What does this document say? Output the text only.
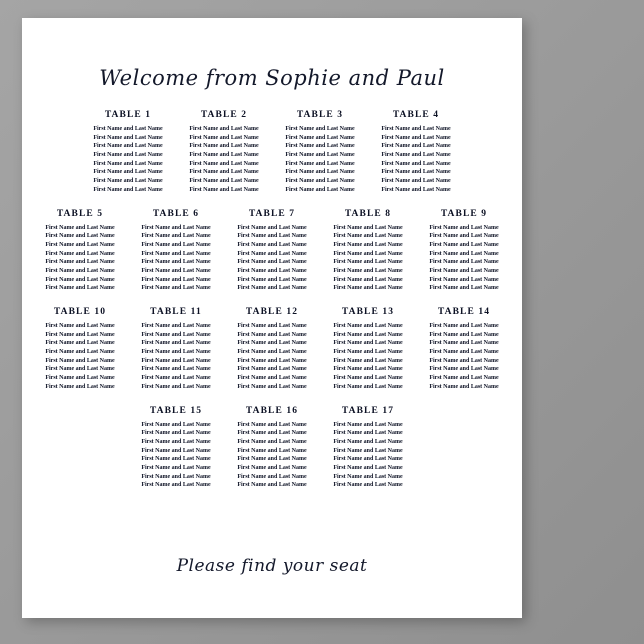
Welcome from Sophie and Paul
TABLE 1
First Name and Last Name
First Name and Last Name
First Name and Last Name
First Name and Last Name
First Name and Last Name
First Name and Last Name
First Name and Last Name
First Name and Last Name
TABLE 2
First Name and Last Name
First Name and Last Name
First Name and Last Name
First Name and Last Name
First Name and Last Name
First Name and Last Name
First Name and Last Name
First Name and Last Name
TABLE 3
First Name and Last Name
First Name and Last Name
First Name and Last Name
First Name and Last Name
First Name and Last Name
First Name and Last Name
First Name and Last Name
First Name and Last Name
TABLE 4
First Name and Last Name
First Name and Last Name
First Name and Last Name
First Name and Last Name
First Name and Last Name
First Name and Last Name
First Name and Last Name
First Name and Last Name
TABLE 5
First Name and Last Name
First Name and Last Name
First Name and Last Name
First Name and Last Name
First Name and Last Name
First Name and Last Name
First Name and Last Name
First Name and Last Name
TABLE 6
First Name and Last Name
First Name and Last Name
First Name and Last Name
First Name and Last Name
First Name and Last Name
First Name and Last Name
First Name and Last Name
First Name and Last Name
TABLE 7
First Name and Last Name
First Name and Last Name
First Name and Last Name
First Name and Last Name
First Name and Last Name
First Name and Last Name
First Name and Last Name
First Name and Last Name
TABLE 8
First Name and Last Name
First Name and Last Name
First Name and Last Name
First Name and Last Name
First Name and Last Name
First Name and Last Name
First Name and Last Name
First Name and Last Name
TABLE 9
First Name and Last Name
First Name and Last Name
First Name and Last Name
First Name and Last Name
First Name and Last Name
First Name and Last Name
First Name and Last Name
First Name and Last Name
TABLE 10
First Name and Last Name
First Name and Last Name
First Name and Last Name
First Name and Last Name
First Name and Last Name
First Name and Last Name
First Name and Last Name
First Name and Last Name
TABLE 11
First Name and Last Name
First Name and Last Name
First Name and Last Name
First Name and Last Name
First Name and Last Name
First Name and Last Name
First Name and Last Name
First Name and Last Name
TABLE 12
First Name and Last Name
First Name and Last Name
First Name and Last Name
First Name and Last Name
First Name and Last Name
First Name and Last Name
First Name and Last Name
First Name and Last Name
TABLE 13
First Name and Last Name
First Name and Last Name
First Name and Last Name
First Name and Last Name
First Name and Last Name
First Name and Last Name
First Name and Last Name
First Name and Last Name
TABLE 14
First Name and Last Name
First Name and Last Name
First Name and Last Name
First Name and Last Name
First Name and Last Name
First Name and Last Name
First Name and Last Name
First Name and Last Name
TABLE 15
First Name and Last Name
First Name and Last Name
First Name and Last Name
First Name and Last Name
First Name and Last Name
First Name and Last Name
First Name and Last Name
First Name and Last Name
TABLE 16
First Name and Last Name
First Name and Last Name
First Name and Last Name
First Name and Last Name
First Name and Last Name
First Name and Last Name
First Name and Last Name
First Name and Last Name
TABLE 17
First Name and Last Name
First Name and Last Name
First Name and Last Name
First Name and Last Name
First Name and Last Name
First Name and Last Name
First Name and Last Name
First Name and Last Name
Please find your seat
